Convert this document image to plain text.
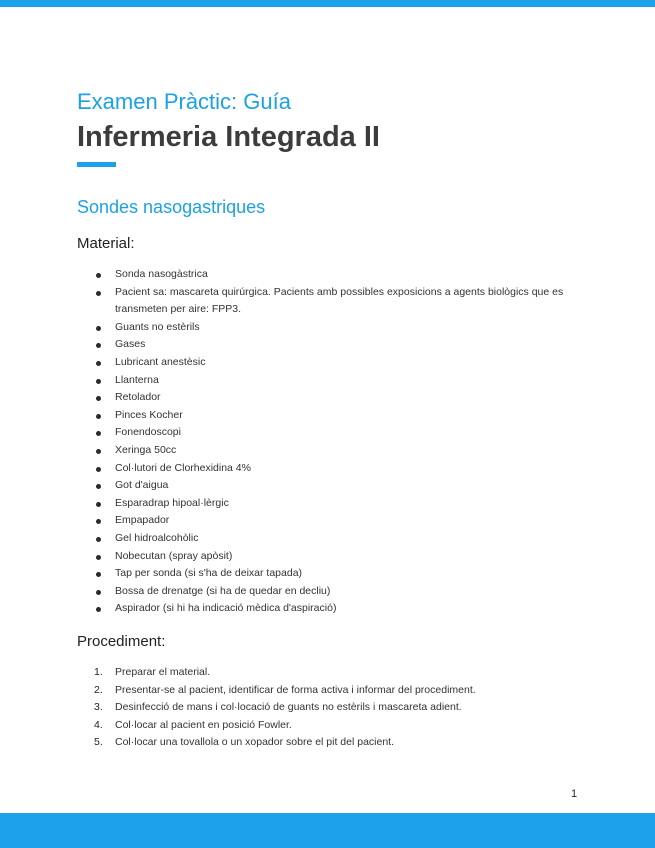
Examen Pràctic: Guía
Infermeria Integrada II
Sondes nasogastriques
Material:
Sonda nasogàstrica
Pacient sa: mascareta quirúrgica. Pacients amb possibles exposicions a agents biològics que es transmeten per aire: FPP3.
Guants no estèrils
Gases
Lubricant anestèsic
Llanterna
Retolador
Pinces Kocher
Fonendoscopi
Xeringa 50cc
Col·lutori de Clorhexidina 4%
Got d'aigua
Esparadrap hipoal·lèrgic
Empapador
Gel hidroalcohòlic
Nobecutan (spray apòsit)
Tap per sonda (si s'ha de deixar tapada)
Bossa de drenatge (si ha de quedar en decliu)
Aspirador (si hi ha indicació mèdica d'aspiració)
Procediment:
1. Preparar el material.
2. Presentar-se al pacient, identificar de forma activa i informar del procediment.
3. Desinfecció de mans i col·locació de guants no estèrils i mascareta adient.
4. Col·locar al pacient en posició Fowler.
5. Col·locar una tovallola o un xopador sobre el pit del pacient.
1
